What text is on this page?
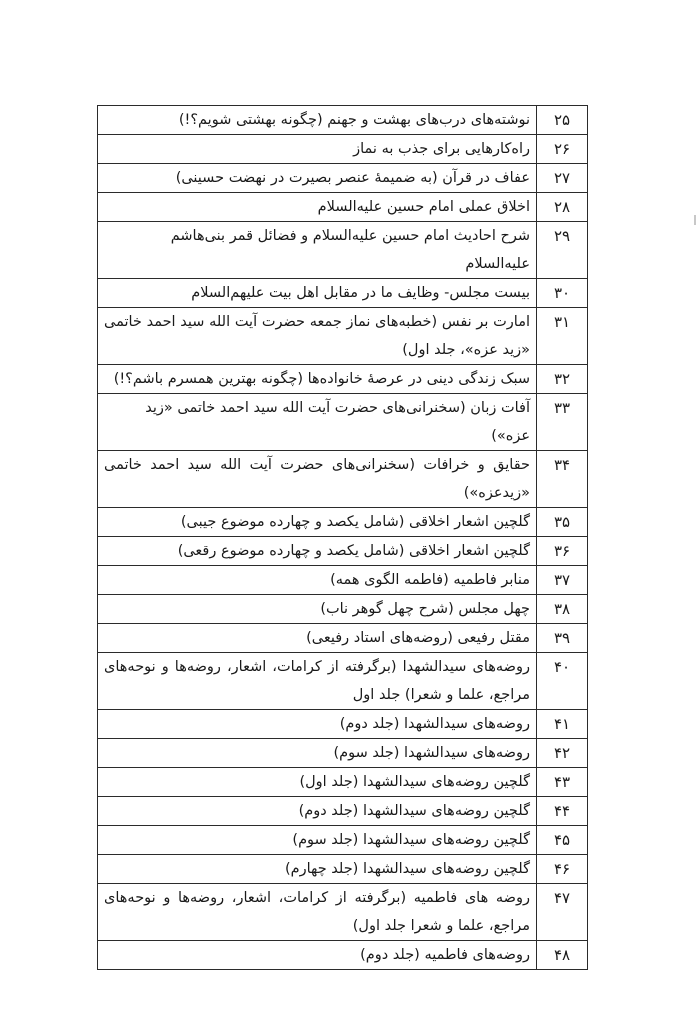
۲۵	نوشته‌های درب‌های بهشت و جهنم (چگونه بهشتی شویم؟!)
۲۶	راه‌کارهایی برای جذب به نماز
۲۷	عفاف در قرآن (به ضمیمهٔ عنصر بصیرت در نهضت حسینی)
۲۸	اخلاق عملی امام حسین عليه‌السلام
۲۹	شرح احادیث امام حسین عليه‌السلام و فضائل قمر بنی‌هاشم عليه‌السلام
۳۰	بیست مجلس- وظایف ما در مقابل اهل بیت عليهم‌السلام
۳۱	امارت بر نفس (خطبه‌های نماز جمعه حضرت آیت الله سید احمد خاتمی «زید عزه»، جلد اول)
۳۲	سبک زندگی دینی در عرصهٔ خانواده‌ها (چگونه بهترین همسرم باشم؟!)
۳۳	آفات زبان (سخنرانی‌های حضرت آیت الله سید احمد خاتمی «زید عزه»)
۳۴	حقایق و خرافات (سخنرانی‌های حضرت آیت الله سید احمد خاتمی «زیدعزه»)
۳۵	گلچین اشعار اخلاقی (شامل یکصد و چهارده موضوع جیبی)
۳۶	گلچین اشعار اخلاقی (شامل یکصد و چهارده موضوع رقعی)
۳۷	منابر فاطمیه (فاطمه الگوی همه)
۳۸	چهل مجلس (شرح چهل گوهر ناب)
۳۹	مقتل رفیعی (روضه‌های استاد رفیعی)
۴۰	روضه‌های سیدالشهدا (برگرفته از کرامات، اشعار، روضه‌ها و نوحه‌های مراجع، علما و شعرا) جلد اول
۴۱	روضه‌های سیدالشهدا (جلد دوم)
۴۲	روضه‌های سیدالشهدا (جلد سوم)
۴۳	گلچین روضه‌های سیدالشهدا (جلد اول)
۴۴	گلچین روضه‌های سیدالشهدا (جلد دوم)
۴۵	گلچین روضه‌های سیدالشهدا (جلد سوم)
۴۶	گلچین روضه‌های سیدالشهدا (جلد چهارم)
۴۷	روضه های فاطمیه (برگرفته از کرامات، اشعار، روضه‌ها و نوحه‌های مراجع، علما و شعرا جلد اول)
۴۸	روضه‌های فاطمیه (جلد دوم)
